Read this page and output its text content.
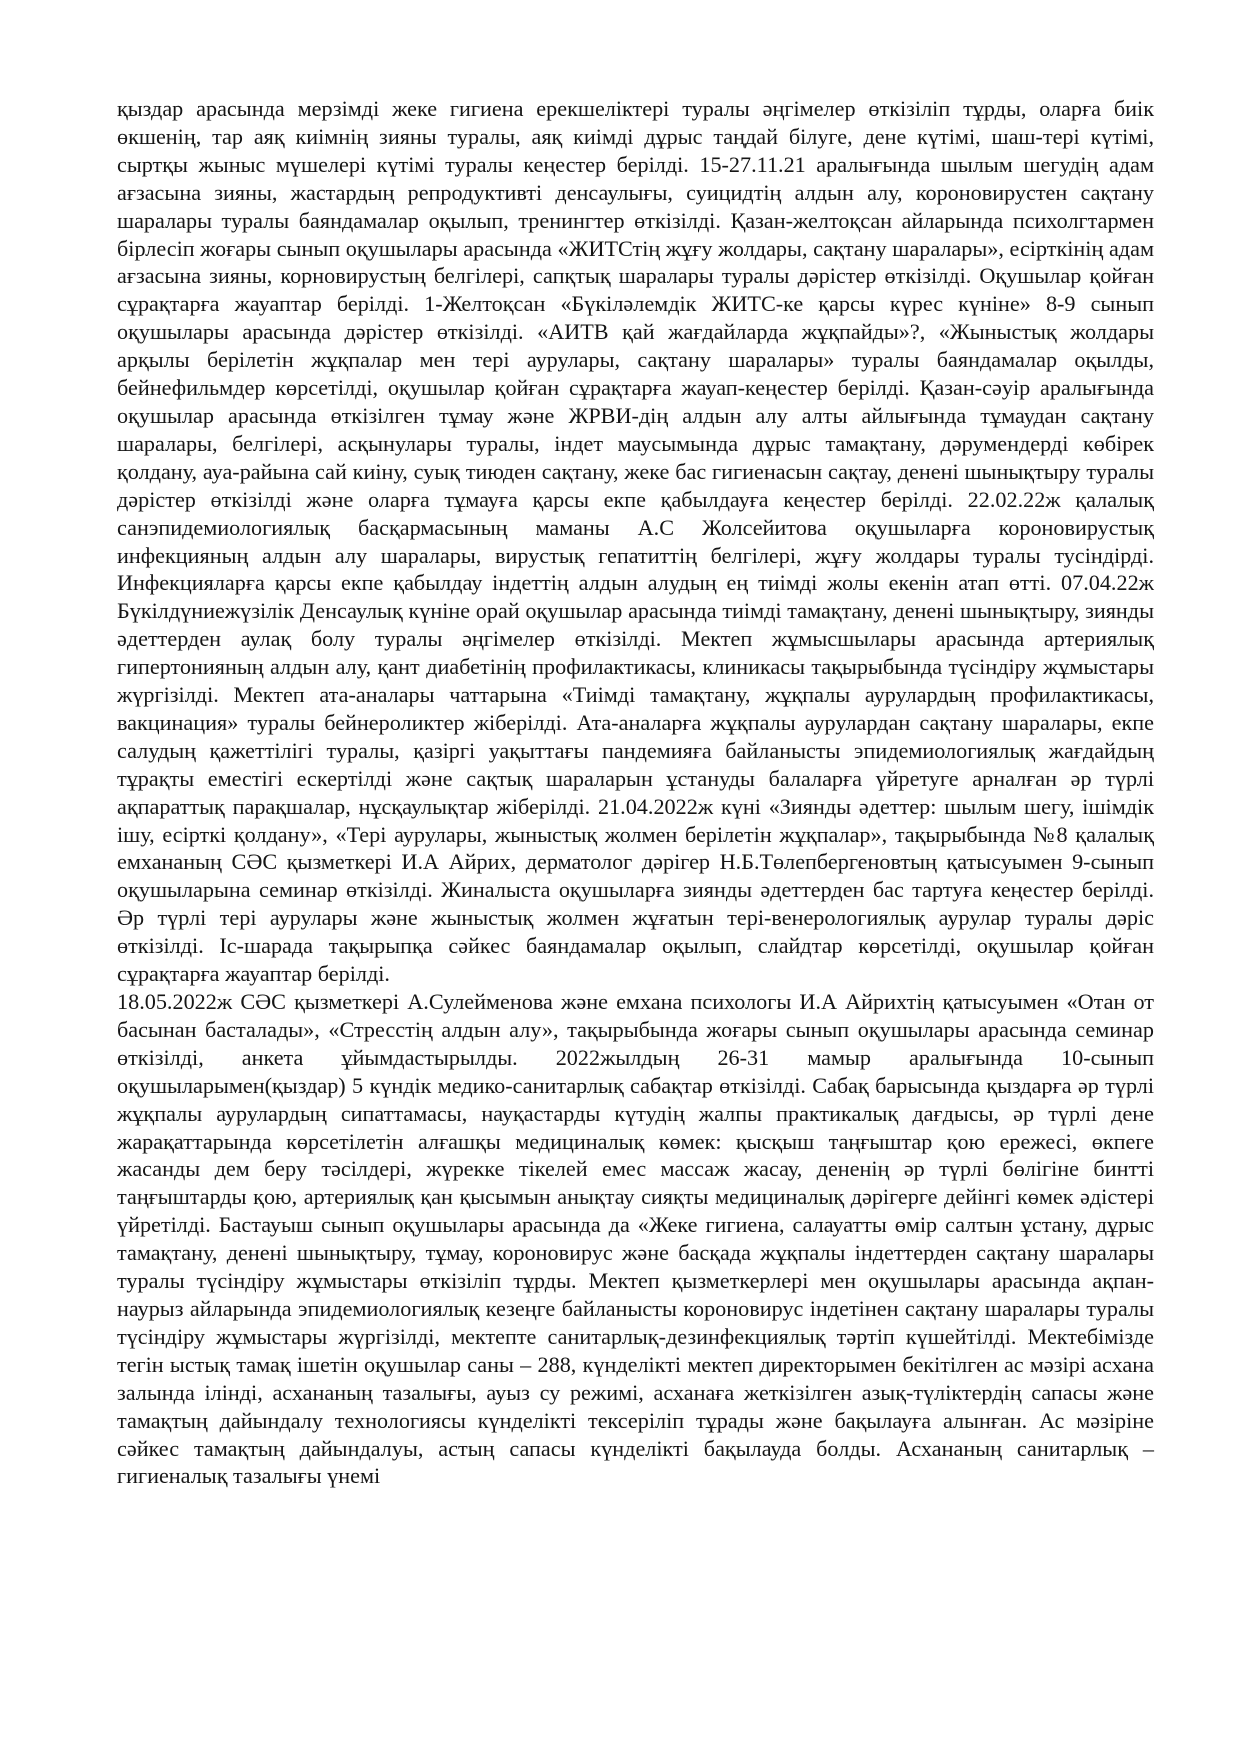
қыздар арасында мерзімді жеке гигиена ерекшеліктері туралы әңгімелер өткізіліп тұрды, оларға биік өкшенің, тар аяқ киімнің зияны туралы, аяқ киімді дұрыс таңдай білуге, дене күтімі, шаш-тері күтімі, сыртқы жыныс мүшелері күтімі туралы кеңестер берілді. 15-27.11.21 аралығында шылым шегудің адам ағзасына зияны, жастардың репродуктивті денсаулығы, суицидтің алдын алу, короновирустен сақтану шаралары туралы баяндамалар оқылып, тренингтер өткізілді. Қазан-желтоқсан айларында психолгтармен бірлесіп жоғары сынып оқушылары арасында «ЖИТСтің жұғу жолдары, сақтану шаралары», есірткінің адам ағзасына зияны, корновирустың белгілері, сапқтық шаралары туралы дәрістер өткізілді. Оқушылар қойған сұрақтарға жауаптар берілді. 1-Желтоқсан «Бүкіләлемдік ЖИТС-ке қарсы күрес күніне» 8-9 сынып оқушылары арасында дәрістер өткізілді. «АИТВ қай жағдайларда жұқпайды»?, «Жыныстық жолдары арқылы берілетін жұқпалар мен тері аурулары, сақтану шаралары» туралы баяндамалар оқылды, бейнефильмдер көрсетілді, оқушылар қойған сұрақтарға жауап-кеңестер берілді. Қазан-сәуір аралығында оқушылар арасында өткізілген тұмау және ЖРВИ-дің алдын алу алты айлығында тұмаудан сақтану шаралары, белгілері, асқынулары туралы, індет маусымында дұрыс тамақтану, дәрумендерді көбірек қолдану, ауа-райына сай киіну, суық тиюден сақтану, жеке бас гигиенасын сақтау, денені шынықтыру туралы дәрістер өткізілді және оларға тұмауға қарсы екпе қабылдауға кеңестер берілді. 22.02.22ж қалалық санэпидемиологиялық басқармасының маманы А.С Жолсейитова оқушыларға короновирустық инфекцияның алдын алу шаралары, вирустық гепатиттің белгілері, жұғу жолдары туралы тусіндірді. Инфекцияларға қарсы екпе қабылдау індеттің алдын алудың ең тиімді жолы екенін атап өтті. 07.04.22ж Бүкілдүниежүзілік Денсаулық күніне орай оқушылар арасында тиімді тамақтану, денені шынықтыру, зиянды әдеттерден аулақ болу туралы әңгімелер өткізілді. Мектеп жұмысшылары арасында артериялық гипертонияның алдын алу, қант диабетінің профилактикасы, клиникасы тақырыбында түсіндіру жұмыстары жүргізілді. Мектеп ата-аналары чаттарына «Тиімді тамақтану, жұқпалы аурулардың профилактикасы, вакцинация» туралы бейнероликтер жіберілді. Ата-аналарға жұқпалы аурулардан сақтану шаралары, екпе салудың қажеттілігі туралы, қазіргі уақыттағы пандемияға байланысты эпидемиологиялық жағдайдың тұрақты еместігі ескертілді және сақтық шараларын ұстануды балаларға үйретуге арналған әр түрлі ақпараттық парақшалар, нұсқаулықтар жіберілді. 21.04.2022ж күні «Зиянды әдеттер: шылым шегу, ішімдік ішу, есірткі қолдану», «Тері аурулары, жыныстық жолмен берілетін жұқпалар», тақырыбында №8 қалалық емхананың СӘС қызметкері И.А Айрих, дерматолог дәрігер Н.Б.Төлепбергеновтың қатысуымен 9-сынып оқушыларына семинар өткізілді. Жиналыста оқушыларға зиянды әдеттерден бас тартуға кеңестер берілді. Әр түрлі тері аурулары және жыныстық жолмен жұғатын тері-венерологиялық аурулар туралы дәріс өткізілді. Іс-шарада тақырыпқа сәйкес баяндамалар оқылып, слайдтар көрсетілді, оқушылар қойған сұрақтарға жауаптар берілді.

18.05.2022ж СӘС қызметкері А.Сулейменова және емхана психологы И.А Айрихтің қатысуымен «Отан от басынан басталады», «Стресстің алдын алу», тақырыбында жоғары сынып оқушылары арасында семинар өткізілді, анкета ұйымдастырылды. 2022жылдың 26-31 мамыр аралығында 10-сынып оқушыларымен(қыздар) 5 күндік медико-санитарлық сабақтар өткізілді. Сабақ барысында қыздарға әр түрлі жұқпалы аурулардың сипаттамасы, науқастарды күтудің жалпы практикалық дағдысы, әр түрлі дене жарақаттарында көрсетілетін алғашқы медициналық көмек: қысқыш таңғыштар қою ережесі, өкпеге жасанды дем беру тәсілдері, жүрекке тікелей емес массаж жасау, дененің әр түрлі бөлігіне бинтті таңғыштарды қою, артериялық қан қысымын анықтау сияқты медициналық дәрігерге дейінгі көмек әдістері үйретілді. Бастауыш сынып оқушылары арасында да «Жеке гигиена, салауатты өмір салтын ұстану, дұрыс тамақтану, денені шынықтыру, тұмау, короновирус және басқада жұқпалы індеттерден сақтану шаралары туралы түсіндіру жұмыстары өткізіліп тұрды. Мектеп қызметкерлері мен оқушылары арасында ақпан-наурыз айларында эпидемиологиялық кезеңге байланысты короновирус індетінен сақтану шаралары туралы түсіндіру жұмыстары жүргізілді, мектепте санитарлық-дезинфекциялық тәртіп күшейтілді. Мектебімізде тегін ыстық тамақ ішетін оқушылар саны – 288, күнделікті мектеп директорымен бекітілген ас мәзірі асхана залында ілінді, асхананың тазалығы, ауыз су режимі, асханаға жеткізілген азық-түліктердің сапасы және тамақтың дайындалу технологиясы күнделікті тексеріліп тұрады және бақылауға алынған. Ас мәзіріне сәйкес тамақтың дайындалуы, астың сапасы күнделікті бақылауда болды. Асхананың санитарлық – гигиеналық тазалығы үнемі
